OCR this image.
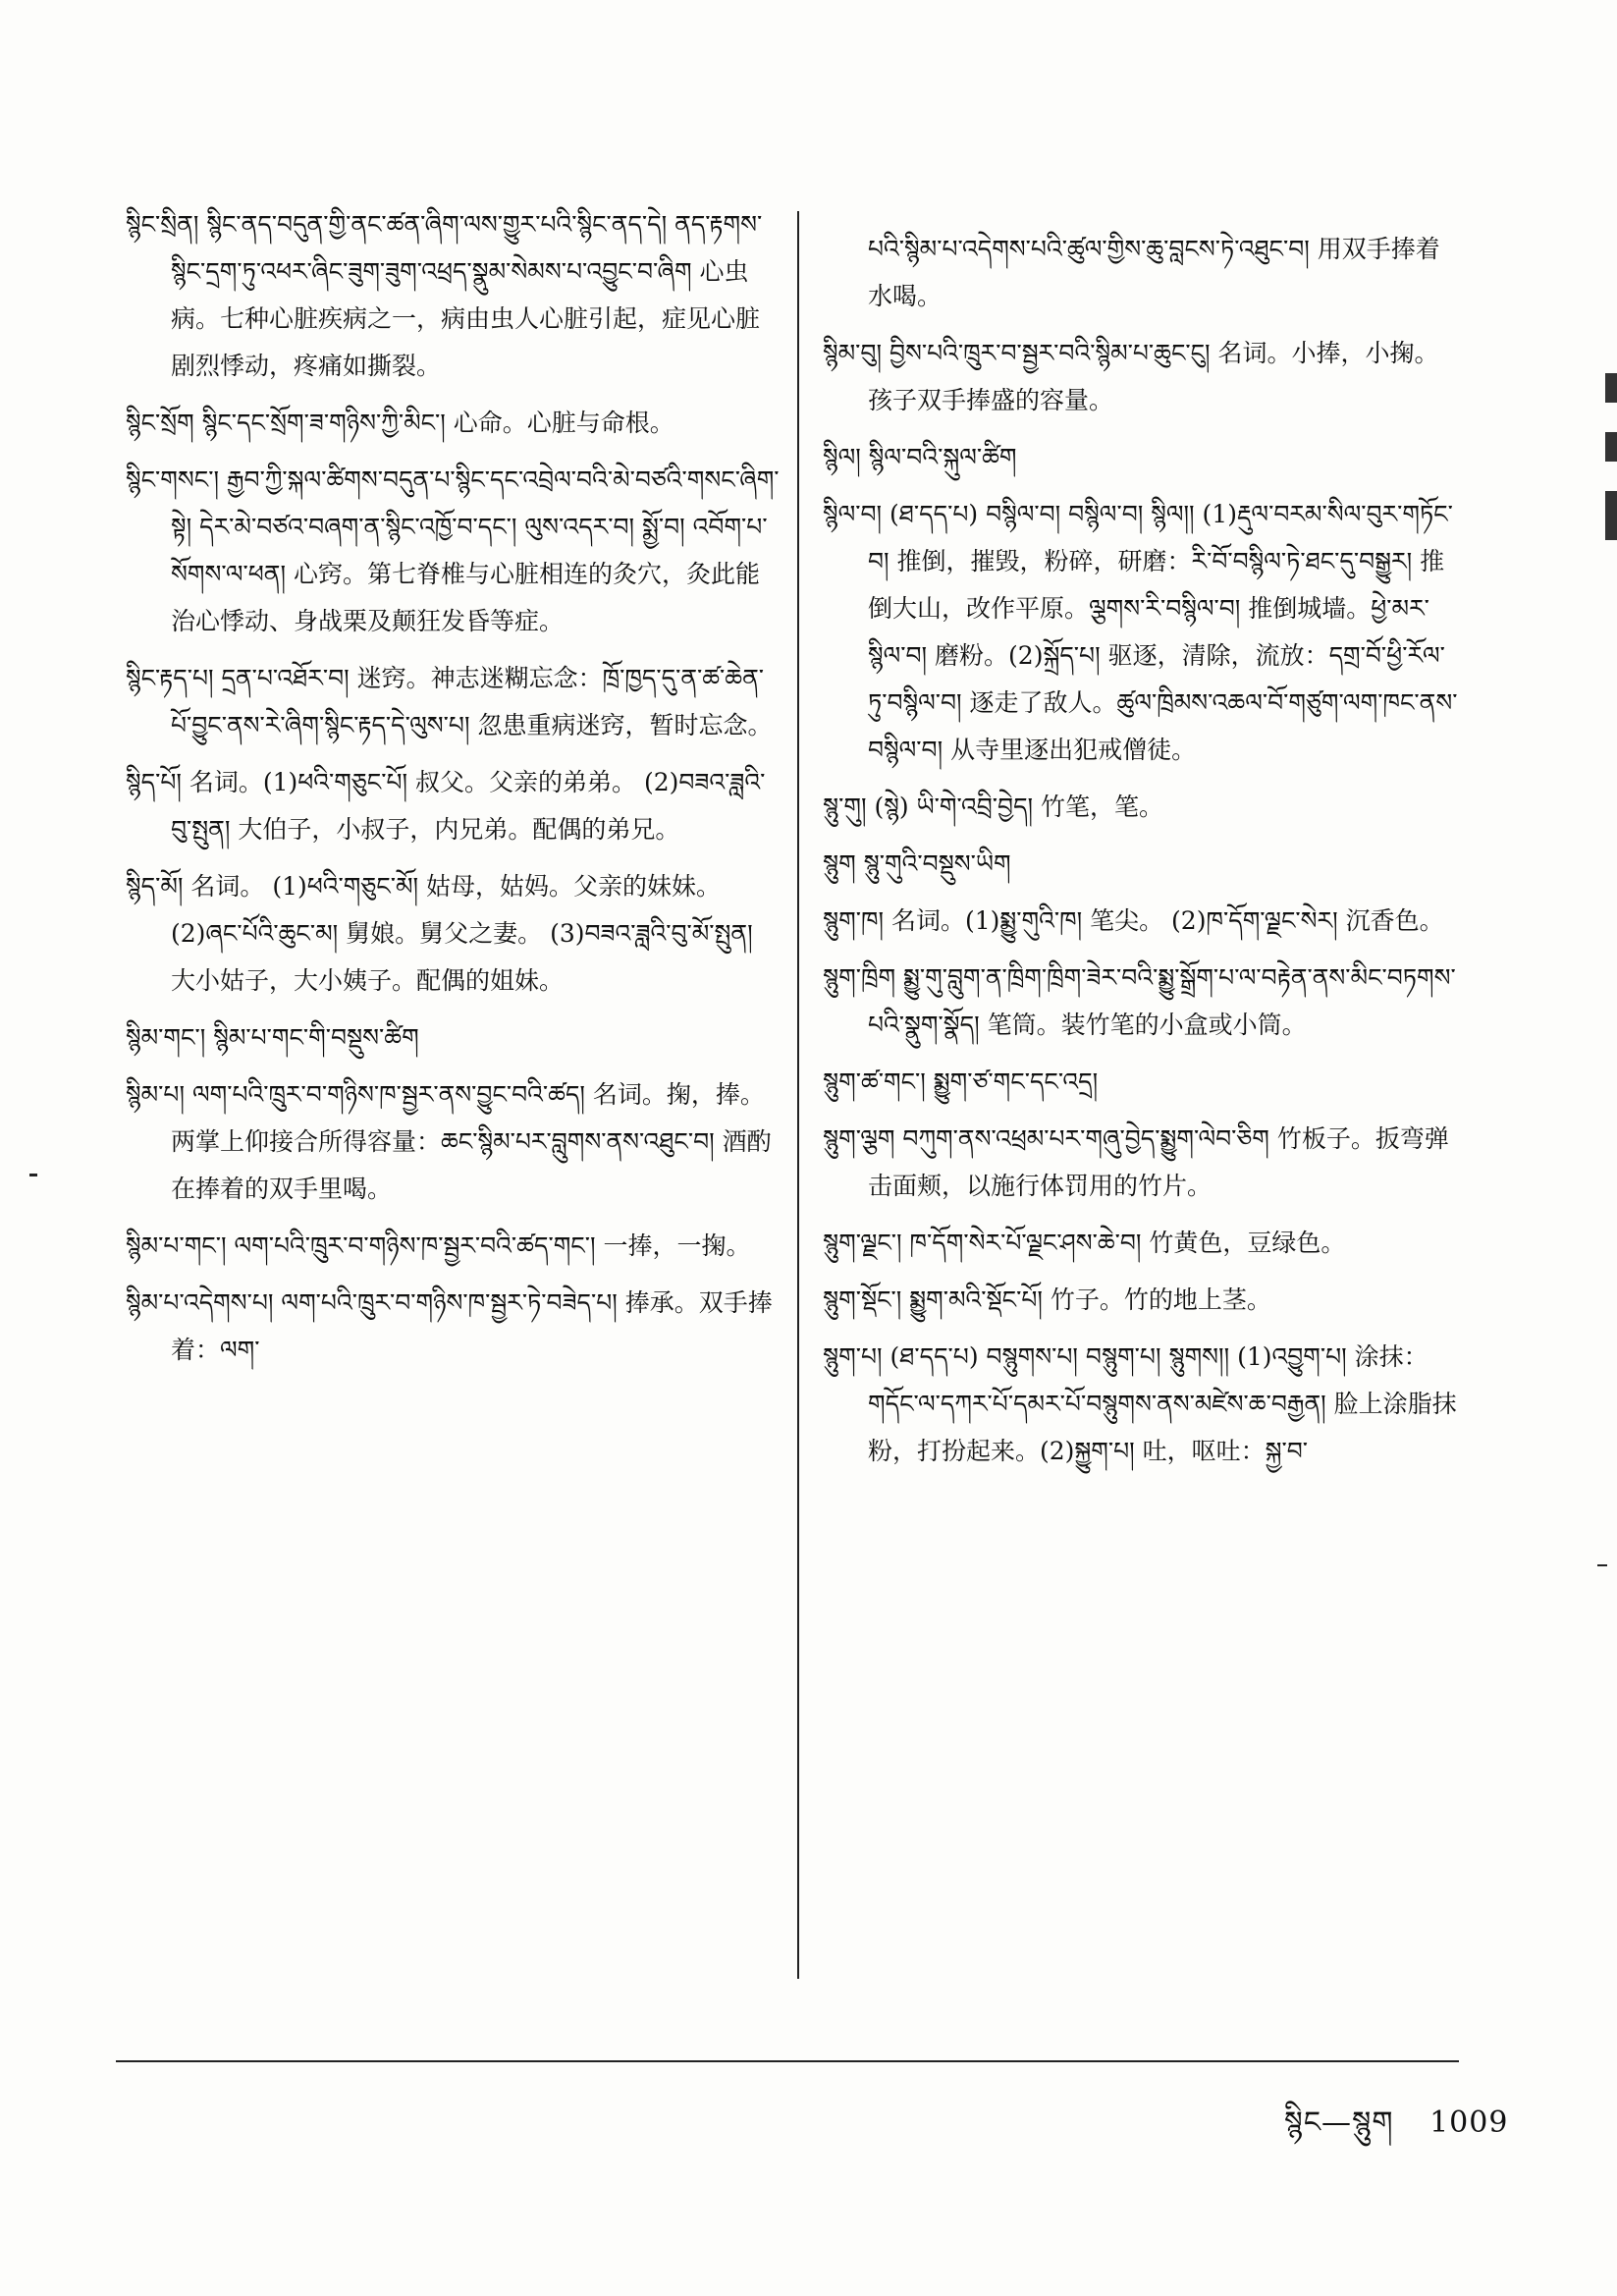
སྙིང་སྲིན། སྙིང་ནད་བདུན་གྱི་ནང་ཚན་ཞིག་ལས་གྱུར་པའི་སྙིང་ནད་དེ། ནད་རྟགས་སྙིང་དྲག་ཏུ་འཕར་ཞིང་ཟུག་ཟུག་འཕྲད་སྣུམ་སེམས་པ་འབྱུང་བ་ཞིག 心虫病。七种心脏疾病之一，病由虫人心脏引起，症见心脏剧烈悸动，疼痛如撕裂。

སྙིང་སྲོག སྙིང་དང་སྲོག་ཟ་གཉིས་ཀྱི་མིང་། 心命。心脏与命根。

སྙིང་གསང་། རྒྱབ་ཀྱི་སྐལ་ཚིགས་བདུན་པ་སྙིང་དང་འབྲེལ་བའི་མེ་བཙའི་གསང་ཞིག་སྟེ། དེར་མེ་བཙའ་བཞག་ན་སྙིང་འཁྱོ་བ་དང་། ལུས་འདར་བ། སྨྱོ་བ། འབོག་པ་སོགས་ལ་ཕན། 心窍。第七脊椎与心脏相连的灸穴，灸此能治心悸动、身战栗及颠狂发昏等症。

སྙིང་རྟད་པ། དྲན་པ་འཐོར་བ། 迷窍。神志迷糊忘念：ཁྲོ་ཁྱད་དུ་ན་ཚ་ཆེན་པོ་བྱུང་ནས་རེ་ཞིག་སྙིང་རྟད་དེ་ལུས་པ། 忽患重病迷窍，暂时忘念。

སྙིད་པོ། 名词。(1)ཕའི་གཅུང་པོ། 叔父。父亲的弟弟。 (2)བཟའ་ཟླའི་བུ་སྤུན། 大伯子，小叔子，内兄弟。配偶的弟兄。

སྙིད་མོ། 名词。 (1)ཕའི་གཅུང་མོ། 姑母，姑妈。父亲的妹妹。(2)ཞང་པོའི་ཆུང་མ། 舅娘。舅父之妻。 (3)བཟའ་ཟླའི་བུ་མོ་སྤུན། 大小姑子，大小姨子。配偶的姐妹。

སྙིམ་གང་། སྙིམ་པ་གང་གི་བསྡུས་ཚིག

སྙིམ་པ། ལག་པའི་ཁྲུར་བ་གཉིས་ཁ་སྦྱར་ནས་བྱུང་བའི་ཚད། 名词。掬，捧。两掌上仰接合所得容量：ཆང་སྙིམ་པར་བླུགས་ནས་འཐུང་བ། 酒酌在捧着的双手里喝。

སྙིམ་པ་གང་། ལག་པའི་ཁྲུར་བ་གཉིས་ཁ་སྦྱར་བའི་ཚད་གང་། 一捧，一掬。

སྙིམ་པ་འདེགས་པ། ལག་པའི་ཁྲུར་བ་གཉིས་ཁ་སྦྱར་ཏེ་བཟེད་པ། 捧承。双手捧着：ལག་

པའི་སྙིམ་པ་འདེགས་པའི་ཚུལ་གྱིས་ཆུ་བླངས་ཏེ་འཐུང་བ། 用双手捧着水喝。

སྙིམ་བུ། བྱིས་པའི་ཁྲུར་བ་སྦྱར་བའི་སྙིམ་པ་ཆུང་ངུ། 名词。小捧，小掬。孩子双手捧盛的容量。

སྙིལ། སྙིལ་བའི་སྐུལ་ཚིག

སྙིལ་བ། (ཐ་དད་པ) བསྙིལ་བ། བསྙིལ་བ། སྙིལ།། (1)རྡུལ་བརམ་སིལ་བུར་གཏོང་བ། 推倒，摧毁，粉碎，研磨：རི་བོ་བསྙིལ་ཏེ་ཐང་དུ་བསྒྱུར། 推倒大山，改作平原。ལྕགས་རི་བསྙིལ་བ། 推倒城墙。ཕྱེ་མར་སྙིལ་བ། 磨粉。(2)སྐྲོད་པ། 驱逐，清除，流放：དགྲ་བོ་ཕྱི་རོལ་ཏུ་བསྙིལ་བ། 逐走了敌人。ཚུལ་ཁྲིམས་འཆལ་བོ་གཙུག་ལག་ཁང་ནས་བསྙིལ་བ། 从寺里逐出犯戒僧徒。

སྙུ་གུ། (སྙེ) ཡི་གེ་འབྲི་བྱེད། 竹笔，笔。

སྙུག སྙུ་གུའི་བསྡུས་ཡིག

སྙུག་ཁ། 名词。(1)སྨྱུ་གུའི་ཁ། 笔尖。 (2)ཁ་དོག་ལྗང་སེར། 沉香色。

སྙུག་ཁྲིག སྨྱུ་གུ་བླུག་ན་ཁྲིག་ཁྲིག་ཟེར་བའི་སྨྱུ་སྒྲོག་པ་ལ་བརྟེན་ནས་མིང་བཏགས་པའི་སྣུག་སྣོད། 笔筒。装竹笔的小盒或小筒。

སྙུག་ཚ་གང་། སྨྱུག་ཙ་གང་དང་འདྲ།

སྙུག་ལྕག བཀུག་ནས་འཕྲམ་པར་གཞུ་བྱེད་སྨྱུག་ལེབ་ཅིག 竹板子。扳弯弹击面颊，以施行体罚用的竹片。

སྙུག་ལྗང་། ཁ་དོག་སེར་པོ་ལྗང་ཤས་ཆེ་བ། 竹黄色，豆绿色。

སྙུག་སྡོང་། སྨྱུག་མའི་སྡོང་པོ། 竹子。竹的地上茎。

སྙུག་པ། (ཐ་དད་པ) བསྙུགས་པ། བསྙུག་པ། སྙུགས།། (1)འབྱུག་པ། 涂抹：གདོང་ལ་དཀར་པོ་དམར་པོ་བསྙུགས་ནས་མཛེས་ཆ་བརྒྱན། 脸上涂脂抹粉，打扮起来。(2)སྐྱུག་པ། 吐，呕吐：སྐྱ་བ་

སྙིང—སྙུག 1009
